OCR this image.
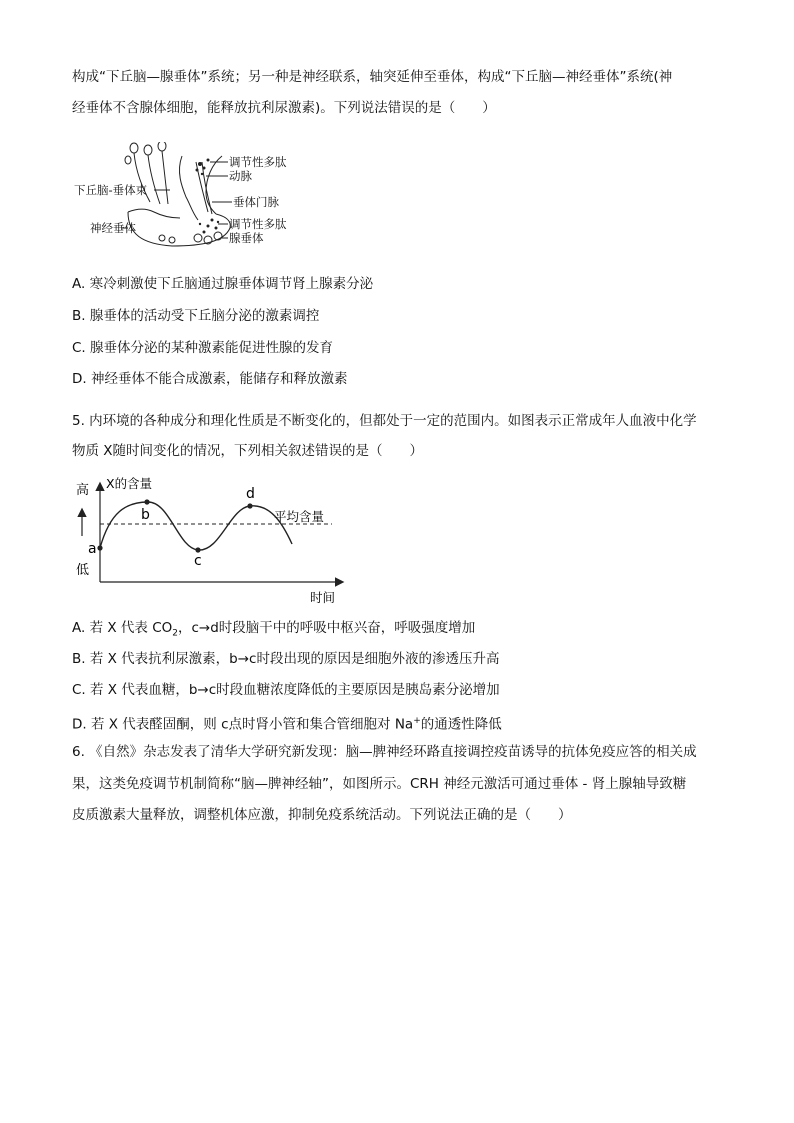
构成“下丘脑—腺垂体”系统；另一种是神经联系，轴突延伸至垂体，构成“下丘脑—神经垂体”系统(神
经垂体不含腺体细胞，能释放抗利尿激素)。下列说法错误的是（　　）
调节性多肽
动脉
下丘脑-垂体束
垂体门脉
调节性多肽
神经垂体
腺垂体
A. 寒冷刺激使下丘脑通过腺垂体调节肾上腺素分泌
B. 腺垂体的活动受下丘脑分泌的激素调控
C. 腺垂体分泌的某种激素能促进性腺的发育
D. 神经垂体不能合成激素，能储存和释放激素
5. 内环境的各种成分和理化性质是不断变化的，但都处于一定的范围内。如图表示正常成年人血液中化学
物质 X随时间变化的情况，下列相关叙述错误的是（　　）
高
低
X的含量
时间
平均含量
a
b
c
d
A. 若 X 代表 $CO_2$，c→d时段脑干中的呼吸中枢兴奋，呼吸强度增加
B. 若 X 代表抗利尿激素，b→c时段出现的原因是细胞外液的渗透压升高
C. 若 X 代表血糖，b→c时段血糖浓度降低的主要原因是胰岛素分泌增加
D. 若 X 代表醛固酮，则 c点时肾小管和集合管细胞对 Na+的通透性降低
6. 《自然》杂志发表了清华大学研究新发现：脑—脾神经环路直接调控疫苗诱导的抗体免疫应答的相关成
果，这类免疫调节机制简称“脑—脾神经轴”，如图所示。CRH 神经元激活可通过垂体 - 肾上腺轴导致糖
皮质激素大量释放，调整机体应激，抑制免疫系统活动。下列说法正确的是（　　）
